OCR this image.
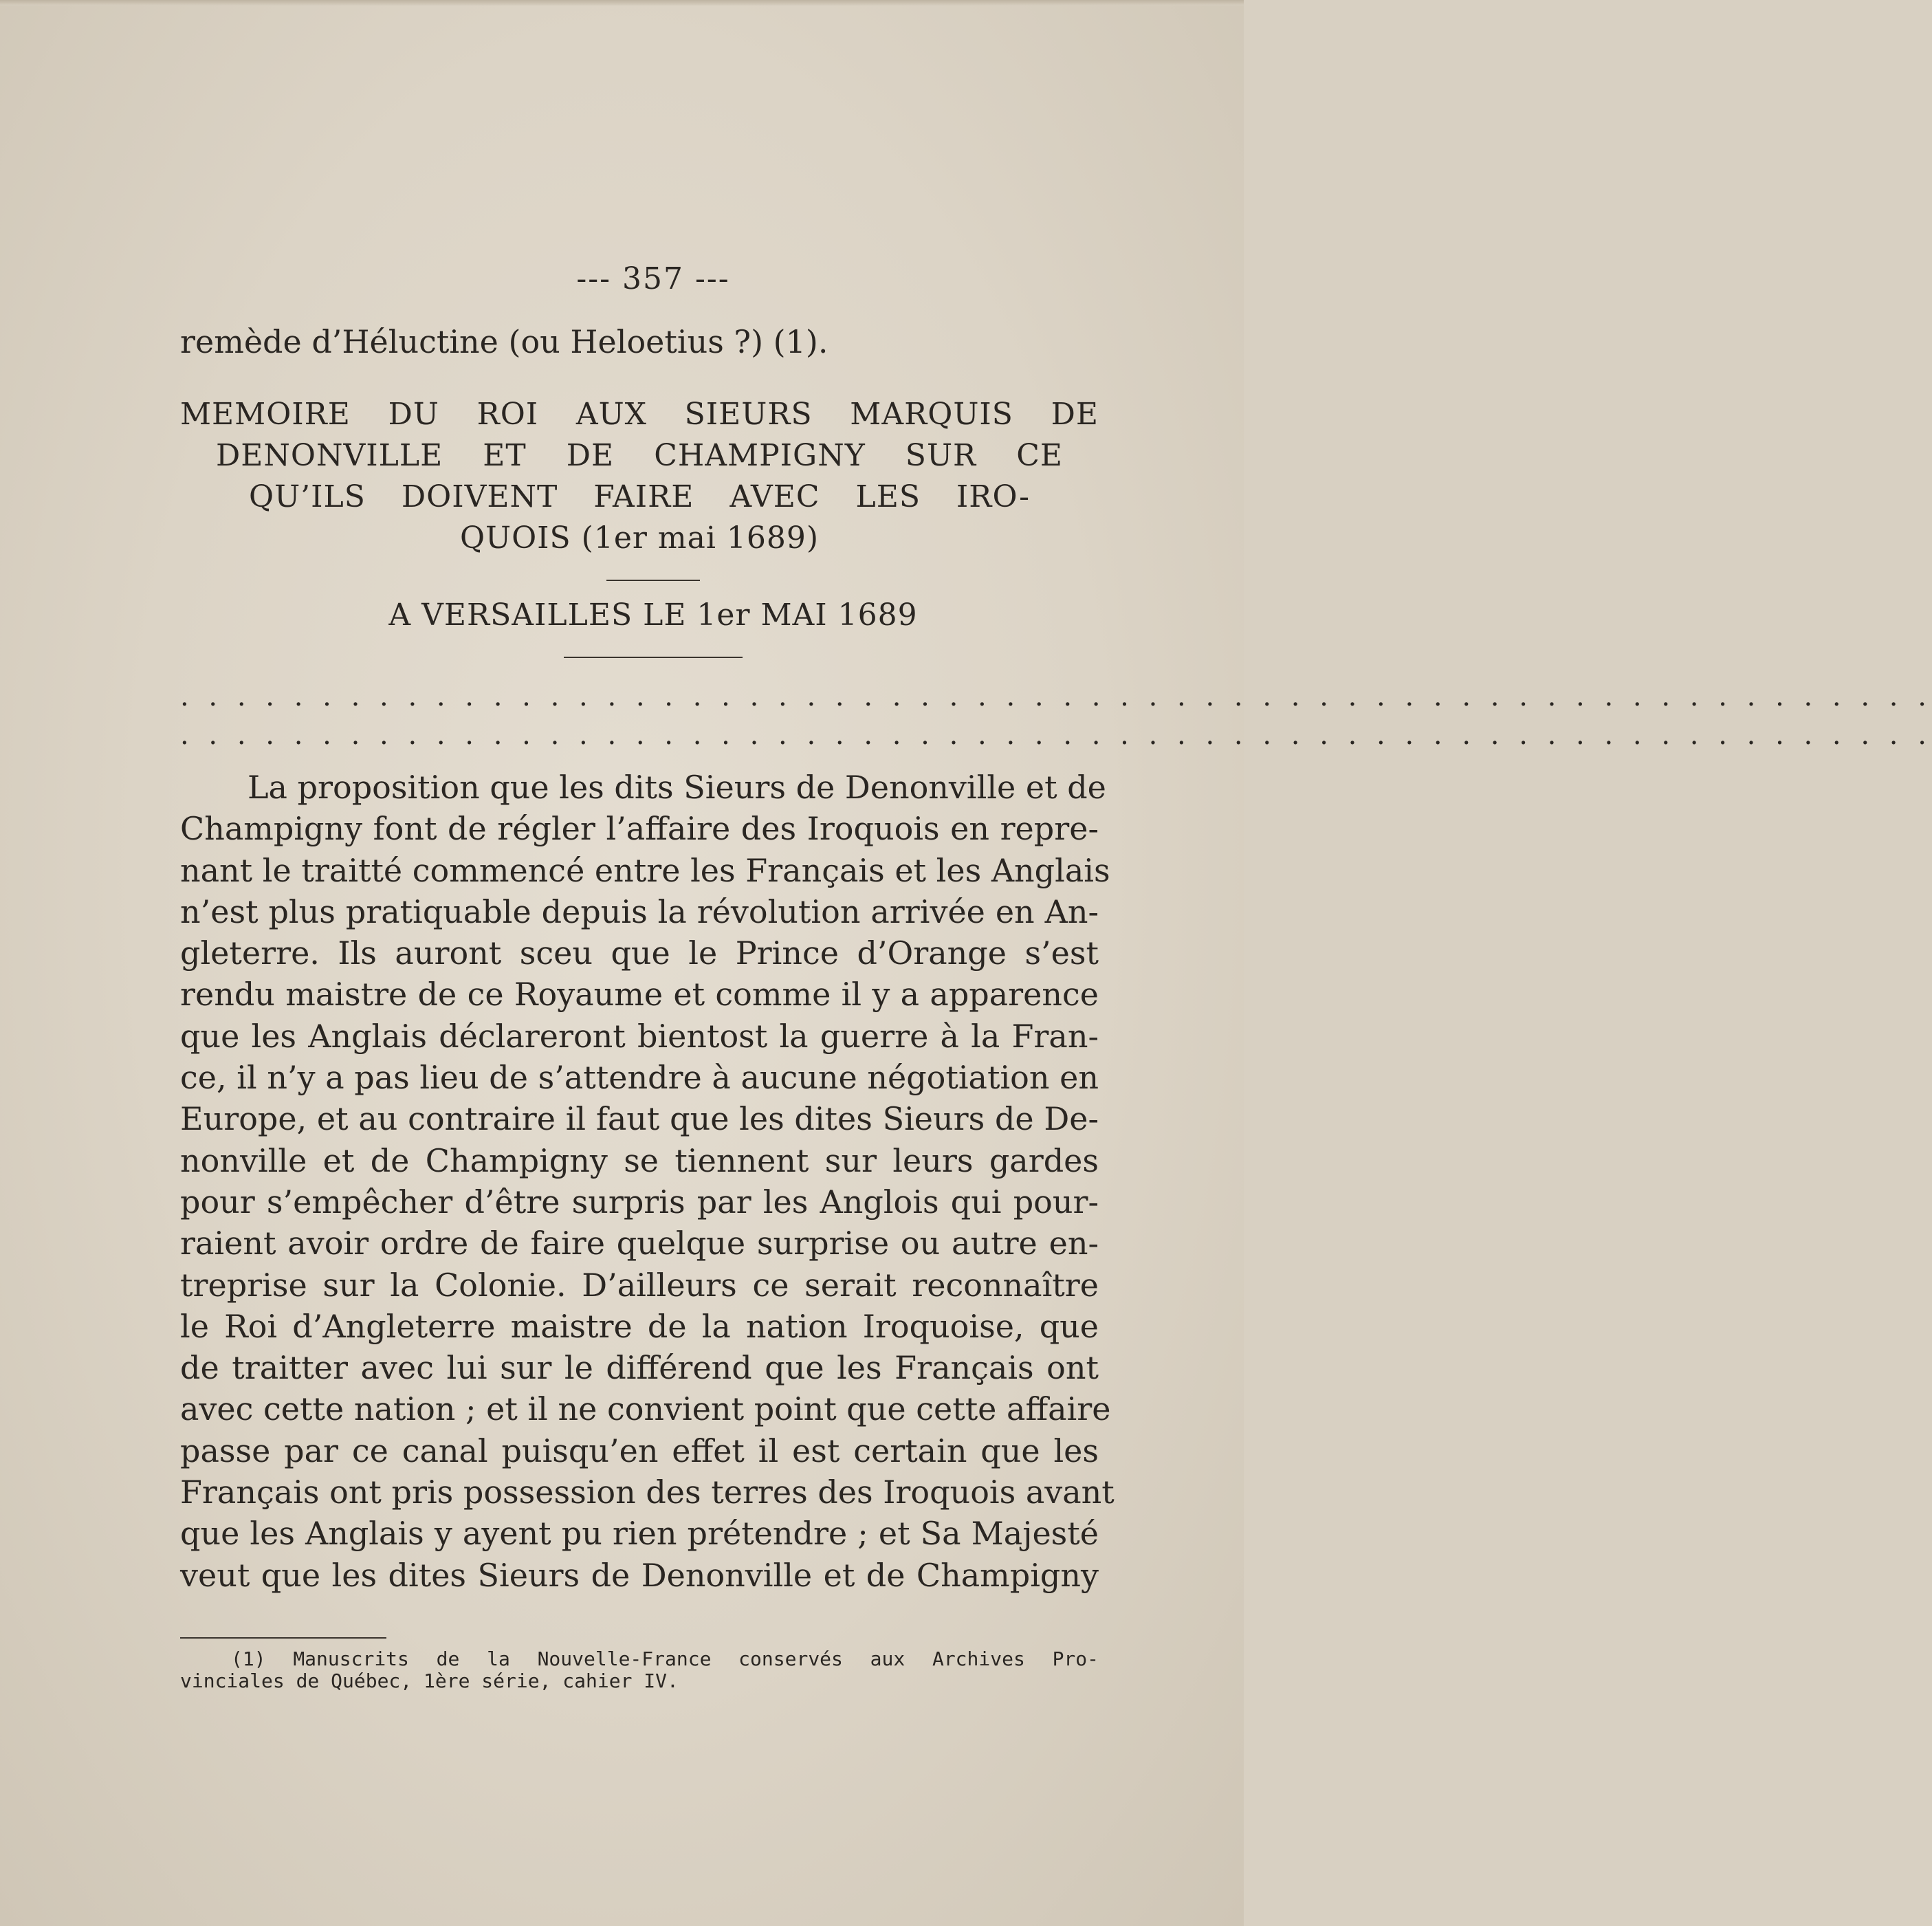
--- 357 ---
remède d’Héluctine (ou Heloetius ?) (1).
MEMOIRE DU ROI AUX SIEURS MARQUIS DE
DENONVILLE ET DE CHAMPIGNY SUR CE
QU’ILS DOIVENT FAIRE AVEC LES IRO-
QUOIS (1er mai 1689)
A VERSAILLES LE 1er MAI 1689
. . . . . . . . . . . . . . . . . . . . . . . . . . . . . . . . . . . . . . . . . . . . . . . . . . . . . . . . . . . . . .
. . . . . . . . . . . . . . . . . . . . . . . . . . . . . . . . . . . . . . . . . . . . . . . . . . . . . . . . . . . . . .
La proposition que les dits Sieurs de Denonville et de
Champigny font de régler l’affaire des Iroquois en repre-
nant le traitté commencé entre les Français et les Anglais
n’est plus pratiquable depuis la révolution arrivée en An-
gleterre. Ils auront sceu que le Prince d’Orange s’est
rendu maistre de ce Royaume et comme il y a apparence
que les Anglais déclareront bientost la guerre à la Fran-
ce, il n’y a pas lieu de s’attendre à aucune négotiation en
Europe, et au contraire il faut que les dites Sieurs de De-
nonville et de Champigny se tiennent sur leurs gardes
pour s’empêcher d’être surpris par les Anglois qui pour-
raient avoir ordre de faire quelque surprise ou autre en-
treprise sur la Colonie. D’ailleurs ce serait reconnaître
le Roi d’Angleterre maistre de la nation Iroquoise, que
de traitter avec lui sur le différend que les Français ont
avec cette nation ; et il ne convient point que cette affaire
passe par ce canal puisqu’en effet il est certain que les
Français ont pris possession des terres des Iroquois avant
que les Anglais y ayent pu rien prétendre ; et Sa Majesté
veut que les dites Sieurs de Denonville et de Champigny
(1) Manuscrits de la Nouvelle-France conservés aux Archives Pro-
vinciales de Québec, 1ère série, cahier IV.
